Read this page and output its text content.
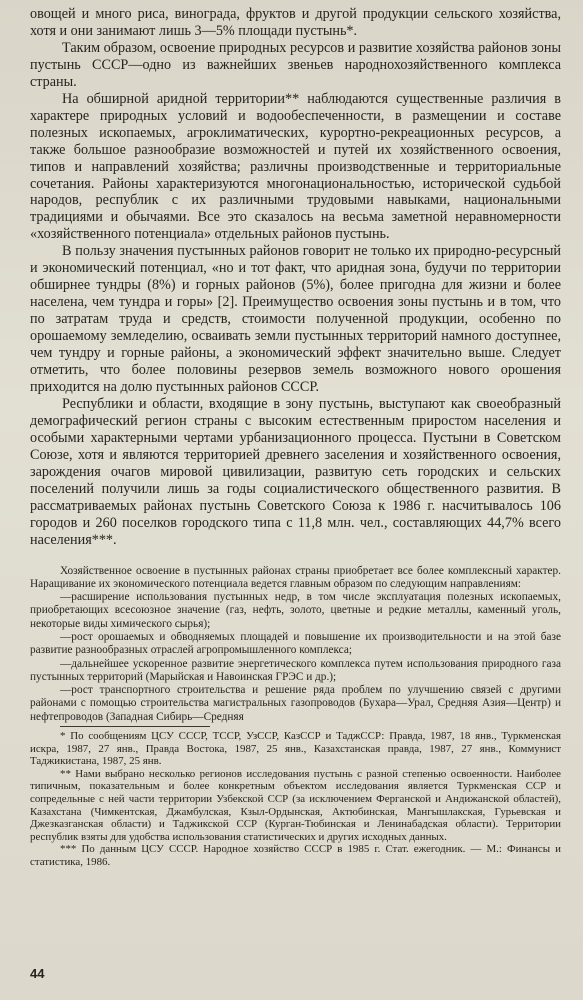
овощей и много риса, винограда, фруктов и другой продукции сельского хозяйства, хотя и они занимают лишь 3—5% площади пустынь*.

Таким образом, освоение природных ресурсов и развитие хозяйства районов зоны пустынь СССР—одно из важнейших звеньев народнохозяйственного комплекса страны.

На обширной аридной территории** наблюдаются существенные различия в характере природных условий и водообеспеченности, в размещении и составе полезных ископаемых, агроклиматических, курортно-рекреационных ресурсов, а также большое разнообразие возможностей и путей их хозяйственного освоения, типов и направлений хозяйства; различны производственные и территориальные сочетания. Районы характеризуются многонациональностью, исторической судьбой народов, республик с их различными трудовыми навыками, национальными традициями и обычаями. Все это сказалось на весьма заметной неравномерности «хозяйственного потенциала» отдельных районов пустынь.

В пользу значения пустынных районов говорит не только их природно-ресурсный и экономический потенциал, «но и тот факт, что аридная зона, будучи по территории обширнее тундры (8%) и горных районов (5%), более пригодна для жизни и более населена, чем тундра и горы» [2]. Преимущество освоения зоны пустынь и в том, что по затратам труда и средств, стоимости полученной продукции, особенно по орошаемому земледелию, осваивать земли пустынных территорий намного доступнее, чем тундру и горные районы, а экономический эффект значительно выше. Следует отметить, что более половины резервов земель возможного нового орошения приходится на долю пустынных районов СССР.

Республики и области, входящие в зону пустынь, выступают как своеобразный демографический регион страны с высоким естественным приростом населения и особыми характерными чертами урбанизационного процесса. Пустыни в Советском Союзе, хотя и являются территорией древнего заселения и хозяйственного освоения, зарождения очагов мировой цивилизации, развитую сеть городских и сельских поселений получили лишь за годы социалистического общественного развития. В рассматриваемых районах пустынь Советского Союза к 1986 г. насчитывалось 106 городов и 260 поселков городского типа с 11,8 млн. чел., составляющих 44,7% всего населения***.

Хозяйственное освоение в пустынных районах страны приобретает все более комплексный характер. Наращивание их экономического потенциала ведется главным образом по следующим направлениям:

—расширение использования пустынных недр, в том числе эксплуатация полезных ископаемых, приобретающих всесоюзное значение (газ, нефть, золото, цветные и редкие металлы, каменный уголь, некоторые виды химического сырья);

—рост орошаемых и обводняемых площадей и повышение их производительности и на этой базе развитие разнообразных отраслей агропромышленного комплекса;

—дальнейшее ускоренное развитие энергетического комплекса путем использования природного газа пустынных территорий (Марыйская и Навоинская ГРЭС и др.);

—рост транспортного строительства и решение ряда проблем по улучшению связей с другими районами с помощью строительства магистральных газопроводов (Бухара—Урал, Средняя Азия—Центр) и нефтепроводов (Западная Сибирь—Средняя

* По сообщениям ЦСУ СССР, ТССР, УзССР, КазССР и ТаджССР: Правда, 1987, 18 янв., Туркменская искра, 1987, 27 янв., Правда Востока, 1987, 25 янв., Казахстанская правда, 1987, 27 янв., Коммунист Таджикистана, 1987, 25 янв.

** Нами выбрано несколько регионов исследования пустынь с разной степенью освоенности. Наиболее типичным, показательным и более конкретным объектом исследования является Туркменская ССР и сопредельные с ней части территории Узбекской ССР (за исключением Ферганской и Андижанской областей), Казахстана (Чимкентская, Джамбулская, Кзыл-Ордынская, Актюбинская, Мангышлакская, Гурьевская и Джезказганская области) и Таджикской ССР (Курган-Тюбинская и Ленинабадская области). Территории республик взяты для удобства использования статистических и других исходных данных.

*** По данным ЦСУ СССР. Народное хозяйство СССР в 1985 г. Стат. ежегодник. — М.: Финансы и статистика, 1986.

44
